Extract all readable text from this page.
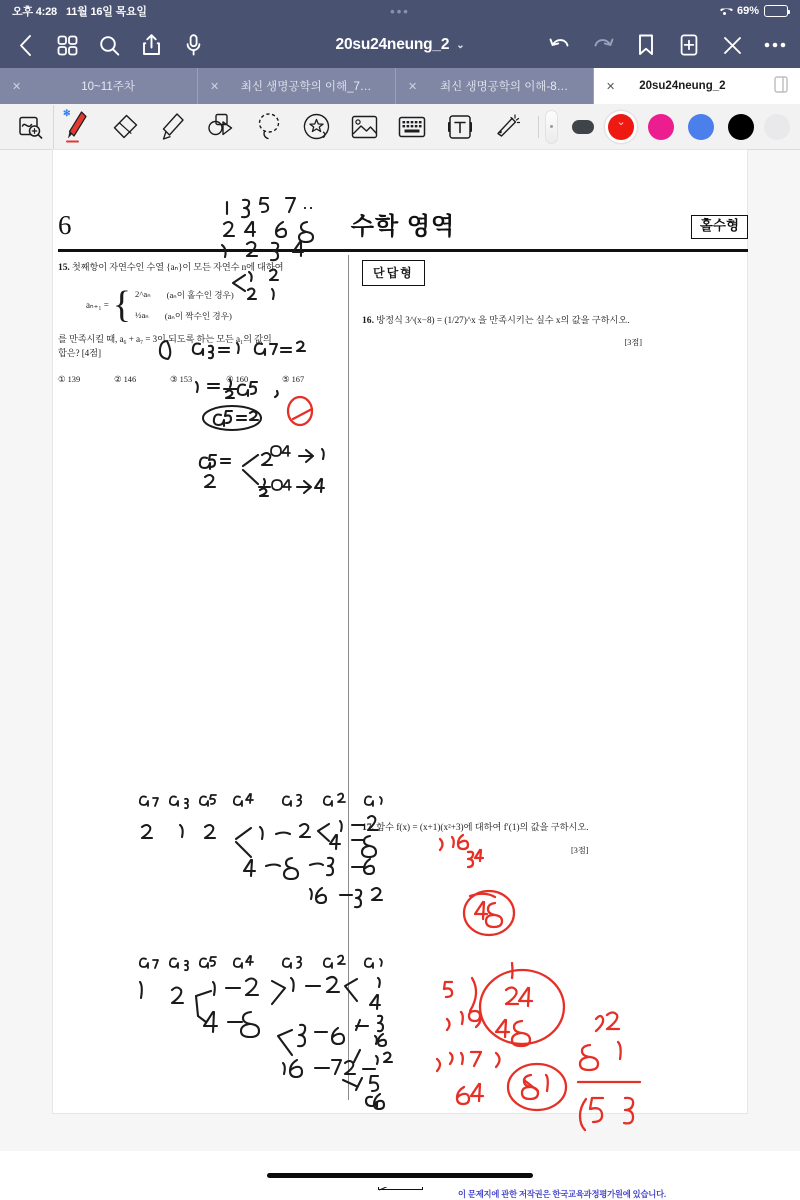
오후 4:28 11월 16일 목요일	•••	69%
20su24neung_2 ⌄
✕	10~11주차	✕ 최신 생명공학의 이해_7…	✕ 최신 생명공학의 이해-8…	✕ 20su24neung_2
✻
⌄
6	수학 영역	홀수형
15. 첫째항이 자연수인 수열 {aₙ}이 모든 자연수 n에 대하여
aₙ₊₁ = { 2^aₙ (aₙ이 홀수인 경우)
½aₙ (aₙ이 짝수인 경우)
를 만족시킬 때, a₆ + a₇ = 3이 되도록 하는 모든 a₁의 값의
합은? [4점]
① 139	② 146	③ 153	④ 160	⑤ 167
단답형
16. 방정식 3^(x−8) = (1/27)^x 을 만족시키는 실수 x의 값을 구하시오.
[3점]
17. 함수 f(x) = (x+1)(x²+3)에 대하여 f′(1)의 값을 구하시오.
[3점]
이 문제지에 관한 저작권은 한국교육과정평가원에 있습니다.
